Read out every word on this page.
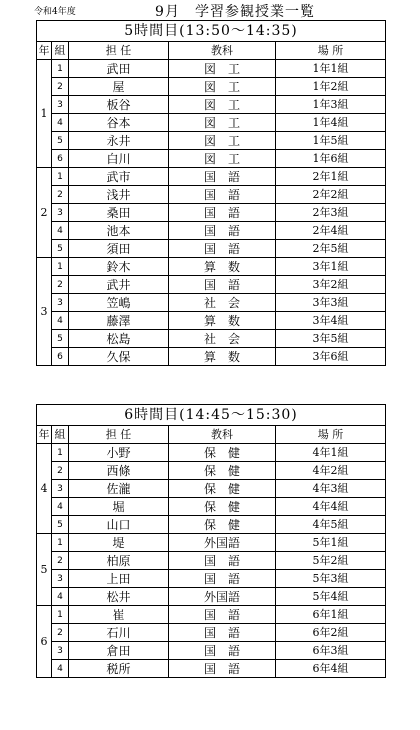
令和4年度	9月　学習参観授業一覧
5時間目(13:50～14:35)				
年	組	担 任	教科	場 所
1	1	武田	図　工	1年1組
	2	屋	図　工	1年2組
	3	板谷	図　工	1年3組
	4	谷本	図　工	1年4組
	5	永井	図　工	1年5組
	6	白川	図　工	1年6組
2	1	武市	国　語	2年1組
	2	浅井	国　語	2年2組
	3	桑田	国　語	2年3組
	4	池本	国　語	2年4組
	5	須田	国　語	2年5組
3	1	鈴木	算　数	3年1組
	2	武井	国　語	3年2組
	3	笠嶋	社　会	3年3組
	4	藤澤	算　数	3年4組
	5	松島	社　会	3年5組
	6	久保	算　数	3年6組
6時間目(14:45～15:30)				
年	組	担 任	教科	場 所
4	1	小野	保　健	4年1組
	2	西條	保　健	4年2組
	3	佐瀧	保　健	4年3組
	4	堀	保　健	4年4組
	5	山口	保　健	4年5組
5	1	堤	外国語	5年1組
	2	柏原	国　語	5年2組
	3	上田	国　語	5年3組
	4	松井	外国語	5年4組
6	1	崔	国　語	6年1組
	2	石川	国　語	6年2組
	3	倉田	国　語	6年3組
	4	税所	国　語	6年4組
